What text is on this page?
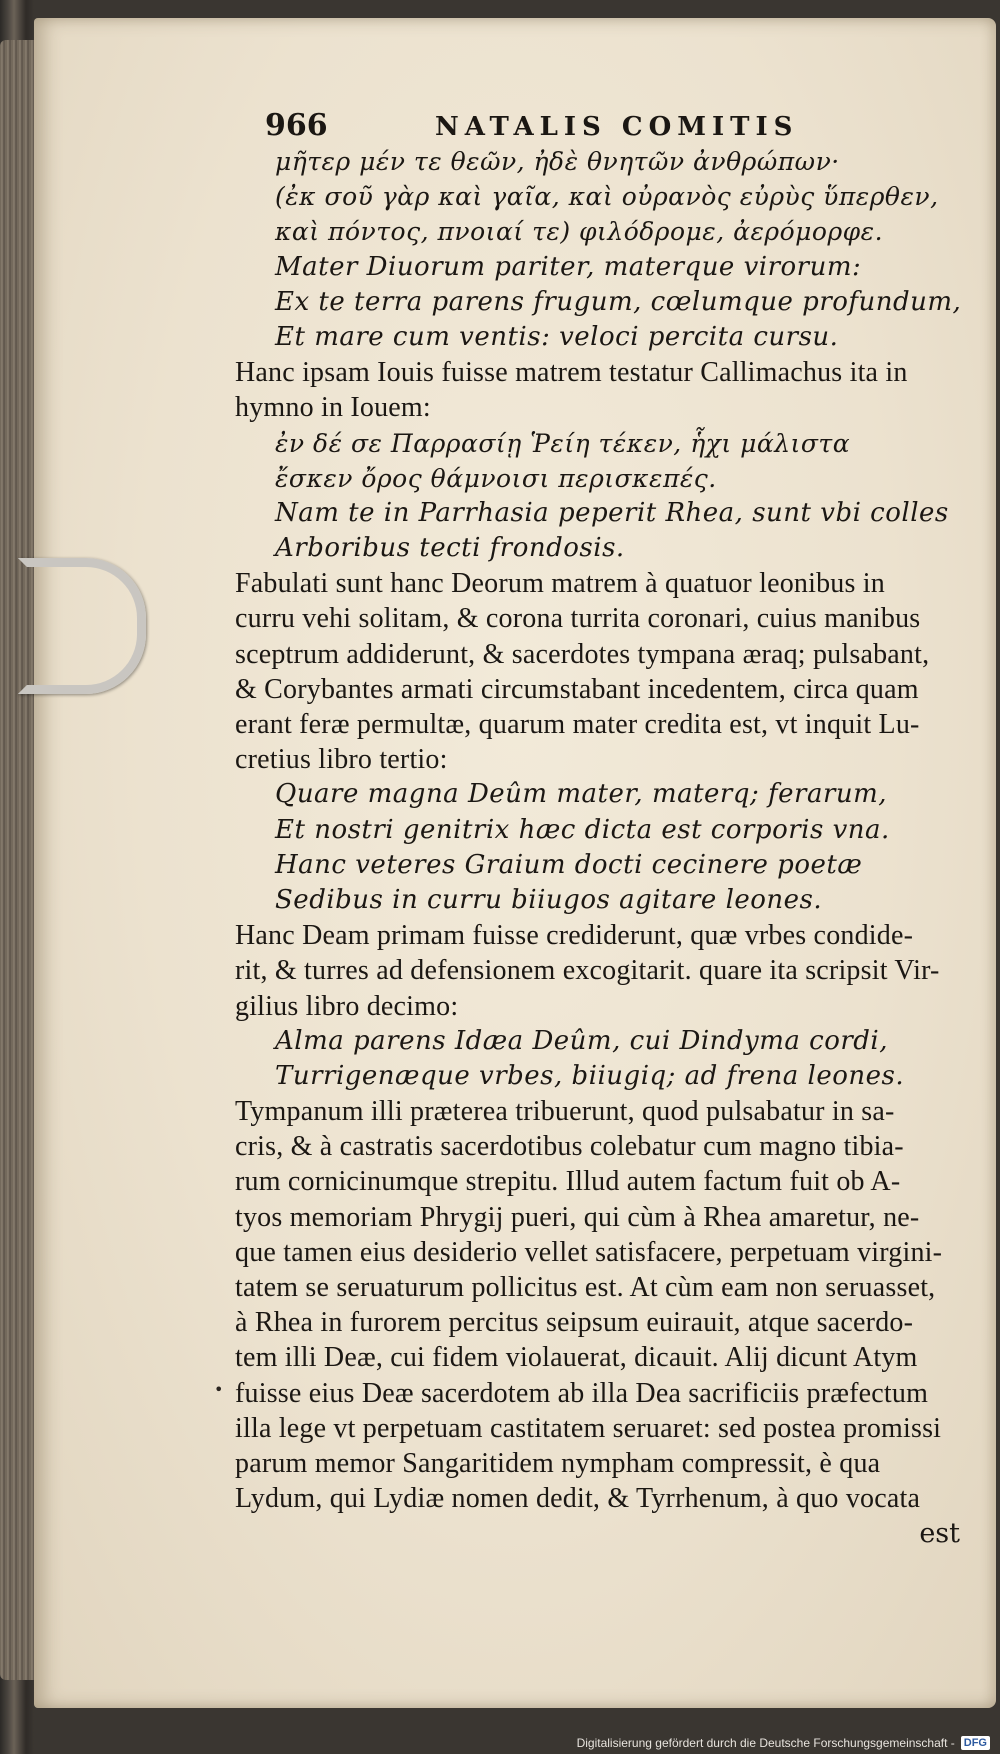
966	NATALIS COMITIS
μῆτερ μέν τε θεῶν, ἠδὲ θνητῶν ἀνθρώπων·
(ἐκ σοῦ γὰρ καὶ γαῖα, καὶ οὐρανὸς εὐρὺς ὕπερθεν,
καὶ πόντος, πνοιαί τε) φιλόδρομε, ἀερόμορφε.
Mater Diuorum pariter, materque virorum:
Ex te terra parens frugum, cœlumque profundum,
Et mare cum ventis: veloci percita cursu.
Hanc ipsam Iouis fuisse matrem testatur Callimachus ita in
hymno in Iouem:
ἐν δέ σε Παρρασίῃ Ῥείη τέκεν, ἧχι μάλιστα
ἔσκεν ὄρος θάμνοισι περισκεπές.
Nam te in Parrhasia peperit Rhea, sunt vbi colles
Arboribus tecti frondosis.
Fabulati sunt hanc Deorum matrem à quatuor leonibus in
curru vehi solitam, & corona turrita coronari, cuius manibus
sceptrum addiderunt, & sacerdotes tympana æraq; pulsabant,
& Corybantes armati circumstabant incedentem, circa quam
erant feræ permultæ, quarum mater credita est, vt inquit Lu-
cretius libro tertio:
Quare magna Deûm mater, materq; ferarum,
Et nostri genitrix hæc dicta est corporis vna.
Hanc veteres Graium docti cecinere poetæ
Sedibus in curru biiugos agitare leones.
Hanc Deam primam fuisse crediderunt, quæ vrbes condide-
rit, & turres ad defensionem excogitarit. quare ita scripsit Vir-
gilius libro decimo:
Alma parens Idæa Deûm, cui Dindyma cordi,
Turrigenæque vrbes, biiugiq; ad frena leones.
Tympanum illi præterea tribuerunt, quod pulsabatur in sa-
cris, & à castratis sacerdotibus colebatur cum magno tibia-
rum cornicinumque strepitu. Illud autem factum fuit ob A-
tyos memoriam Phrygij pueri, qui cùm à Rhea amaretur, ne-
que tamen eius desiderio vellet satisfacere, perpetuam virgini-
tatem se seruaturum pollicitus est. At cùm eam non seruasset,
à Rhea in furorem percitus seipsum euirauit, atque sacerdo-
tem illi Deæ, cui fidem violauerat, dicauit. Alij dicunt Atym
fuisse eius Deæ sacerdotem ab illa Dea sacrificiis præfectum
illa lege vt perpetuam castitatem seruaret: sed postea promissi
parum memor Sangaritidem nympham compressit, è qua
Lydum, qui Lydiæ nomen dedit, & Tyrrhenum, à quo vocata
est
•
Digitalisierung gefördert durch die Deutsche Forschungsgemeinschaft - DFG
